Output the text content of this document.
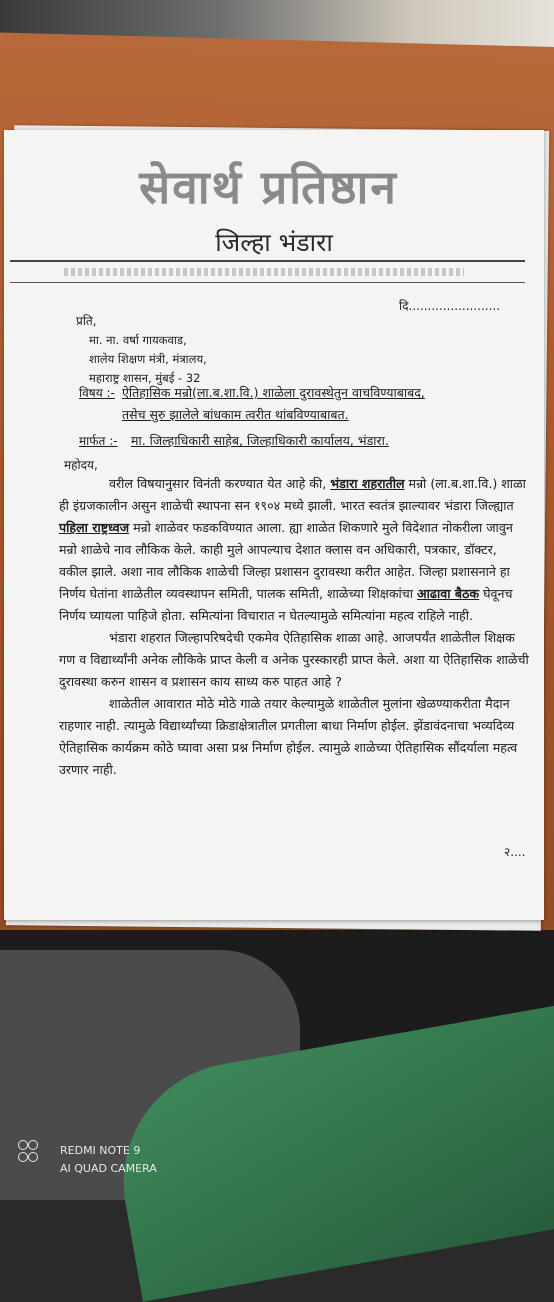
सेवार्थ प्रतिष्ठान
जिल्हा भंडारा
दि........................
प्रति,
मा. ना. वर्षा गायकवाड,
शालेय शिक्षण मंत्री, मंत्रालय,
महाराष्ट्र शासन, मुंबई - 32
विषय :- ऐतिहासिक मन्रो(ला.ब.शा.वि.) शाळेला दुरावस्थेतुन वाचविण्याबाबद,
तसेच सुरु झालेले बांधकाम त्वरीत थांबविण्याबाबत.
मार्फत :- मा. जिल्हाधिकारी साहेब, जिल्हाधिकारी कार्यालय, भंडारा.
महोदय,

वरील विषयानुसार विनंती करण्यात येत आहे की, भंडारा शहरातील मन्रो (ला.ब.शा.वि.) शाळा ही इंग्रजकालीन असुन शाळेची स्थापना सन १९०४ मध्ये झाली. भारत स्वतंत्र झाल्यावर भंडारा जिल्ह्यात पहिला राष्ट्रध्वज मन्रो शाळेवर फडकविण्यात आला. ह्या शाळेत शिकणारे मुले विदेशात नोकरीला जावुन मन्रो शाळेचे नाव लौकिक केले. काही मुले आपल्याच देशात क्लास वन अधिकारी, पत्रकार, डॉक्टर, वकील झाले. अशा नाव लौकिक शाळेची जिल्हा प्रशासन दुरावस्था करीत आहेत. जिल्हा प्रशासनाने हा निर्णय घेतांना शाळेतील व्यवस्थापन समिती, पालक समिती, शाळेच्या शिक्षकांचा आढावा बैठक घेवूनच निर्णय घ्यायला पाहिजे होता. समित्यांना विचारात न घेतल्यामुळे समित्यांना महत्व राहिले नाही.

भंडारा शहरात जिल्हापरिषदेची एकमेव ऐतिहासिक शाळा आहे. आजपर्यंत शाळेतील शिक्षक गण व विद्यार्थ्यांनी अनेक लौकिके प्राप्त केली व अनेक पुरस्कारही प्राप्त केले. अशा या ऐतिहासिक शाळेची दुरावस्था करुन शासन व प्रशासन काय साध्य करु पाहत आहे ?

शाळेतील आवारात मोठे मोठे गाळे तयार केल्यामुळे शाळेतील मुलांना खेळण्याकरीता मैदान राहणार नाही. त्यामुळे विद्यार्थ्यांच्या क्रिडाक्षेत्रातील प्रगतीला बाधा निर्माण होईल. झेंडावंदनाचा भव्यदिव्य ऐतिहासिक कार्यक्रम कोठे घ्यावा असा प्रश्न निर्माण होईल. त्यामुळे शाळेच्या ऐतिहासिक सौंदर्याला महत्व उरणार नाही.

२....
REDMI NOTE 9
AI QUAD CAMERA
